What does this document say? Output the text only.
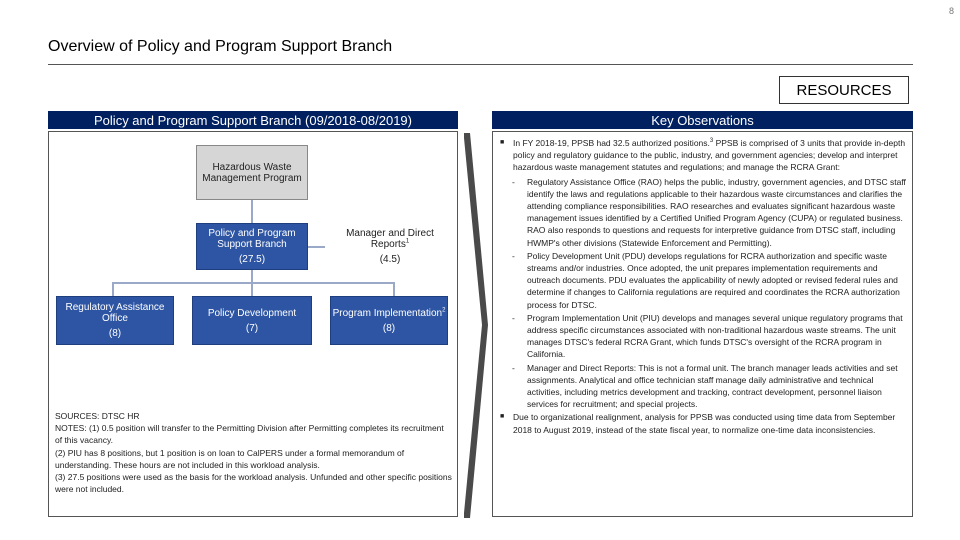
8
Overview of Policy and Program Support Branch
RESOURCES
Policy and Program Support Branch (09/2018-08/2019)
Hazardous Waste
Management Program
Policy and Program
Support Branch
(27.5)
Manager and Direct
Reports$^1$
(4.5)
Regulatory Assistance
Office
(8)
Policy Development
(7)
Program Implementation$^2$
(8)
SOURCES: DTSC HR
NOTES: (1) 0.5 position will transfer to the Permitting Division after Permitting completes its recruitment of this vacancy.
(2) PIU has 8 positions, but 1 position is on loan to CalPERS under a formal memorandum of understanding. These hours are not included in this workload analysis.
(3) 27.5 positions were used as the basis for the workload analysis. Unfunded and other specific positions were not included.
Key Observations
■ In FY 2018-19, PPSB had 32.5 authorized positions.$^3$ PPSB is comprised of 3 units that provide in-depth policy and regulatory guidance to the public, industry, and government agencies; develop and interpret hazardous waste management statutes and regulations; and manage the RCRA Grant:
- Regulatory Assistance Office (RAO) helps the public, industry, government agencies, and DTSC staff identify the laws and regulations applicable to their hazardous waste circumstances and clarifies the attending compliance responsibilities. RAO researches and evaluates significant hazardous waste management issues identified by a Certified Unified Program Agency (CUPA) or regulated business. RAO also responds to questions and requests for interpretive guidance from DTSC staff, including HWMP's other divisions (Statewide Enforcement and Permitting).
- Policy Development Unit (PDU) develops regulations for RCRA authorization and specific waste streams and/or industries. Once adopted, the unit prepares implementation requirements and outreach documents. PDU evaluates the applicability of newly adopted or revised federal rules and determine if changes to California regulations are required and coordinates the RCRA authorization process for DTSC.
- Program Implementation Unit (PIU) develops and manages several unique regulatory programs that address specific circumstances associated with non-traditional hazardous waste streams. The unit manages DTSC's federal RCRA Grant, which funds DTSC's oversight of the RCRA program in California.
- Manager and Direct Reports: This is not a formal unit. The branch manager leads activities and set assignments. Analytical and office technician staff manage daily administrative and technical activities, including metrics development and tracking, contract development, personnel liaison services for recruitment; and special projects.
■ Due to organizational realignment, analysis for PPSB was conducted using time data from September 2018 to August 2019, instead of the state fiscal year, to normalize one-time data inconsistencies.
